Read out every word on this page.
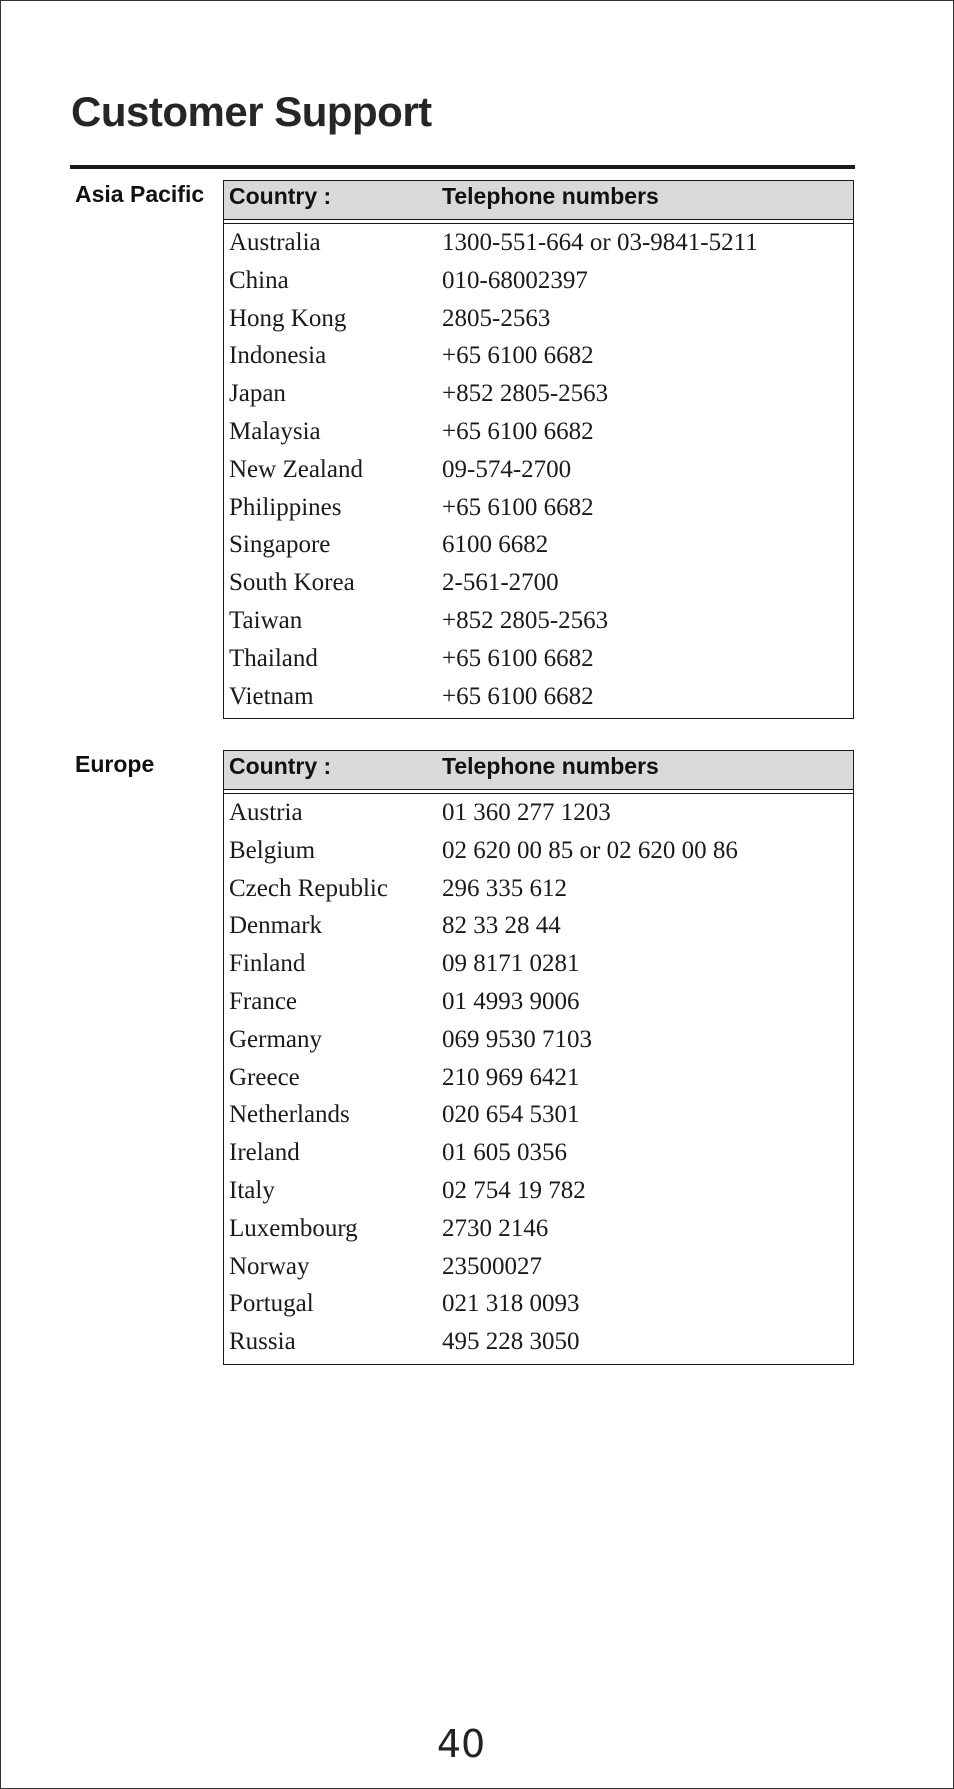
Customer Support
Asia Pacific Country :	Telephone numbers
Australia	1300-551-664 or 03-9841-5211
China	010-68002397
Hong Kong	2805-2563
Indonesia	+65 6100 6682
Japan	+852 2805-2563
Malaysia	+65 6100 6682
New Zealand	09-574-2700
Philippines	+65 6100 6682
Singapore	6100 6682
South Korea	2-561-2700
Taiwan	+852 2805-2563
Thailand	+65 6100 6682
Vietnam	+65 6100 6682
Europe	Country :	Telephone numbers
Austria	01 360 277 1203
Belgium	02 620 00 85 or 02 620 00 86
Czech Republic 296 335 612
Denmark	82 33 28 44
Finland	09 8171 0281
France	01 4993 9006
Germany	069 9530 7103
Greece	210 969 6421
Netherlands	020 654 5301
Ireland	01 605 0356
Italy	02 754 19 782
Luxembourg	2730 2146
Norway	23500027
Portugal	021 318 0093
Russia	495 228 3050
40
